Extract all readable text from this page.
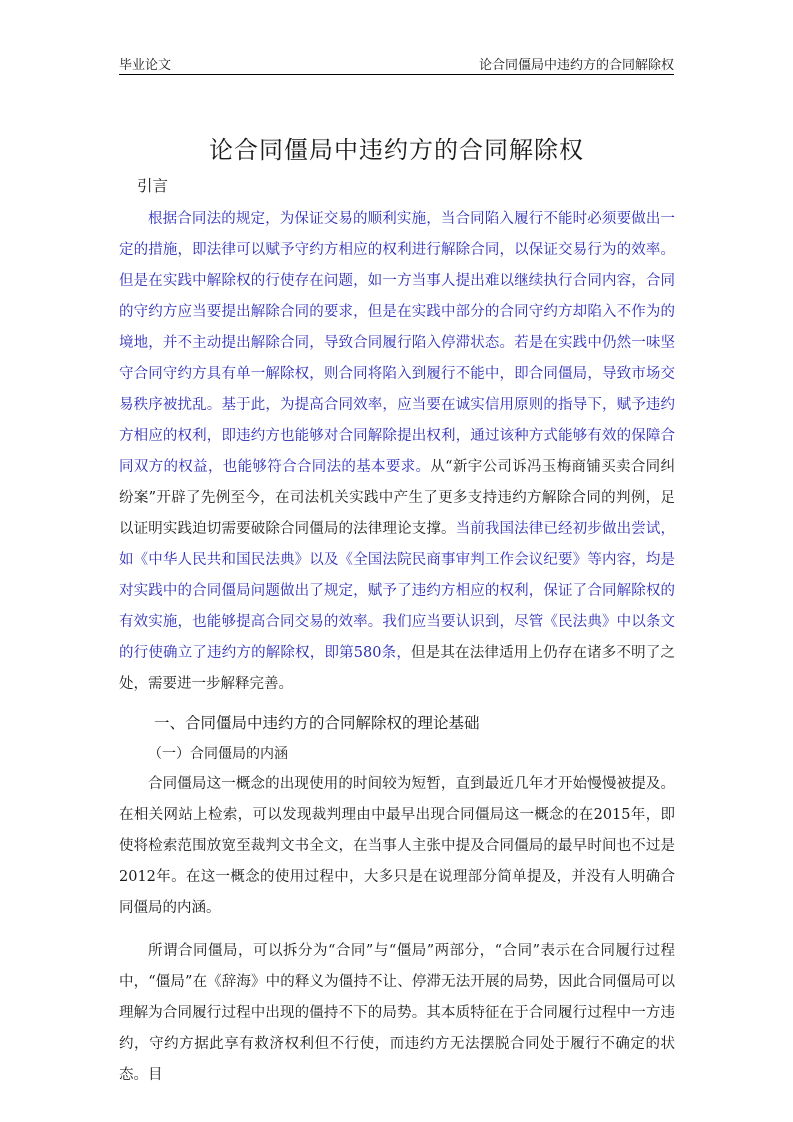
毕业论文	论合同僵局中违约方的合同解除权
论合同僵局中违约方的合同解除权
引言

根据合同法的规定，为保证交易的顺利实施，当合同陷入履行不能时必须要做出一定的措施，即法律可以赋予守约方相应的权利进行解除合同，以保证交易行为的效率。但是在实践中解除权的行使存在问题，如一方当事人提出难以继续执行合同内容，合同的守约方应当要提出解除合同的要求，但是在实践中部分的合同守约方却陷入不作为的境地，并不主动提出解除合同，导致合同履行陷入停滞状态。若是在实践中仍然一味坚守合同守约方具有单一解除权，则合同将陷入到履行不能中，即合同僵局，导致市场交易秩序被扰乱。基于此，为提高合同效率，应当要在诚实信用原则的指导下，赋予违约方相应的权利，即违约方也能够对合同解除提出权利，通过该种方式能够有效的保障合同双方的权益，也能够符合合同法的基本要求。从“新宇公司诉冯玉梅商铺买卖合同纠纷案”开辟了先例至今，在司法机关实践中产生了更多支持违约方解除合同的判例，足以证明实践迫切需要破除合同僵局的法律理论支撑。当前我国法律已经初步做出尝试，如《中华人民共和国民法典》以及《全国法院民商事审判工作会议纪要》等内容，均是对实践中的合同僵局问题做出了规定，赋予了违约方相应的权利，保证了合同解除权的有效实施，也能够提高合同交易的效率。我们应当要认识到，尽管《民法典》中以条文的行使确立了违约方的解除权，即第580条，但是其在法律适用上仍存在诸多不明了之处，需要进一步解释完善。

一、合同僵局中违约方的合同解除权的理论基础
（一）合同僵局的内涵

合同僵局这一概念的出现使用的时间较为短暂，直到最近几年才开始慢慢被提及。在相关网站上检索，可以发现裁判理由中最早出现合同僵局这一概念的在2015年，即使将检索范围放宽至裁判文书全文，在当事人主张中提及合同僵局的最早时间也不过是2012年。在这一概念的使用过程中，大多只是在说理部分简单提及，并没有人明确合同僵局的内涵。

所谓合同僵局，可以拆分为“合同”与“僵局”两部分，“合同”表示在合同履行过程中，“僵局”在《辞海》中的释义为僵持不让、停滞无法开展的局势，因此合同僵局可以理解为合同履行过程中出现的僵持不下的局势。其本质特征在于合同履行过程中一方违约，守约方据此享有救济权利但不行使，而违约方无法摆脱合同处于履行不确定的状态。目
